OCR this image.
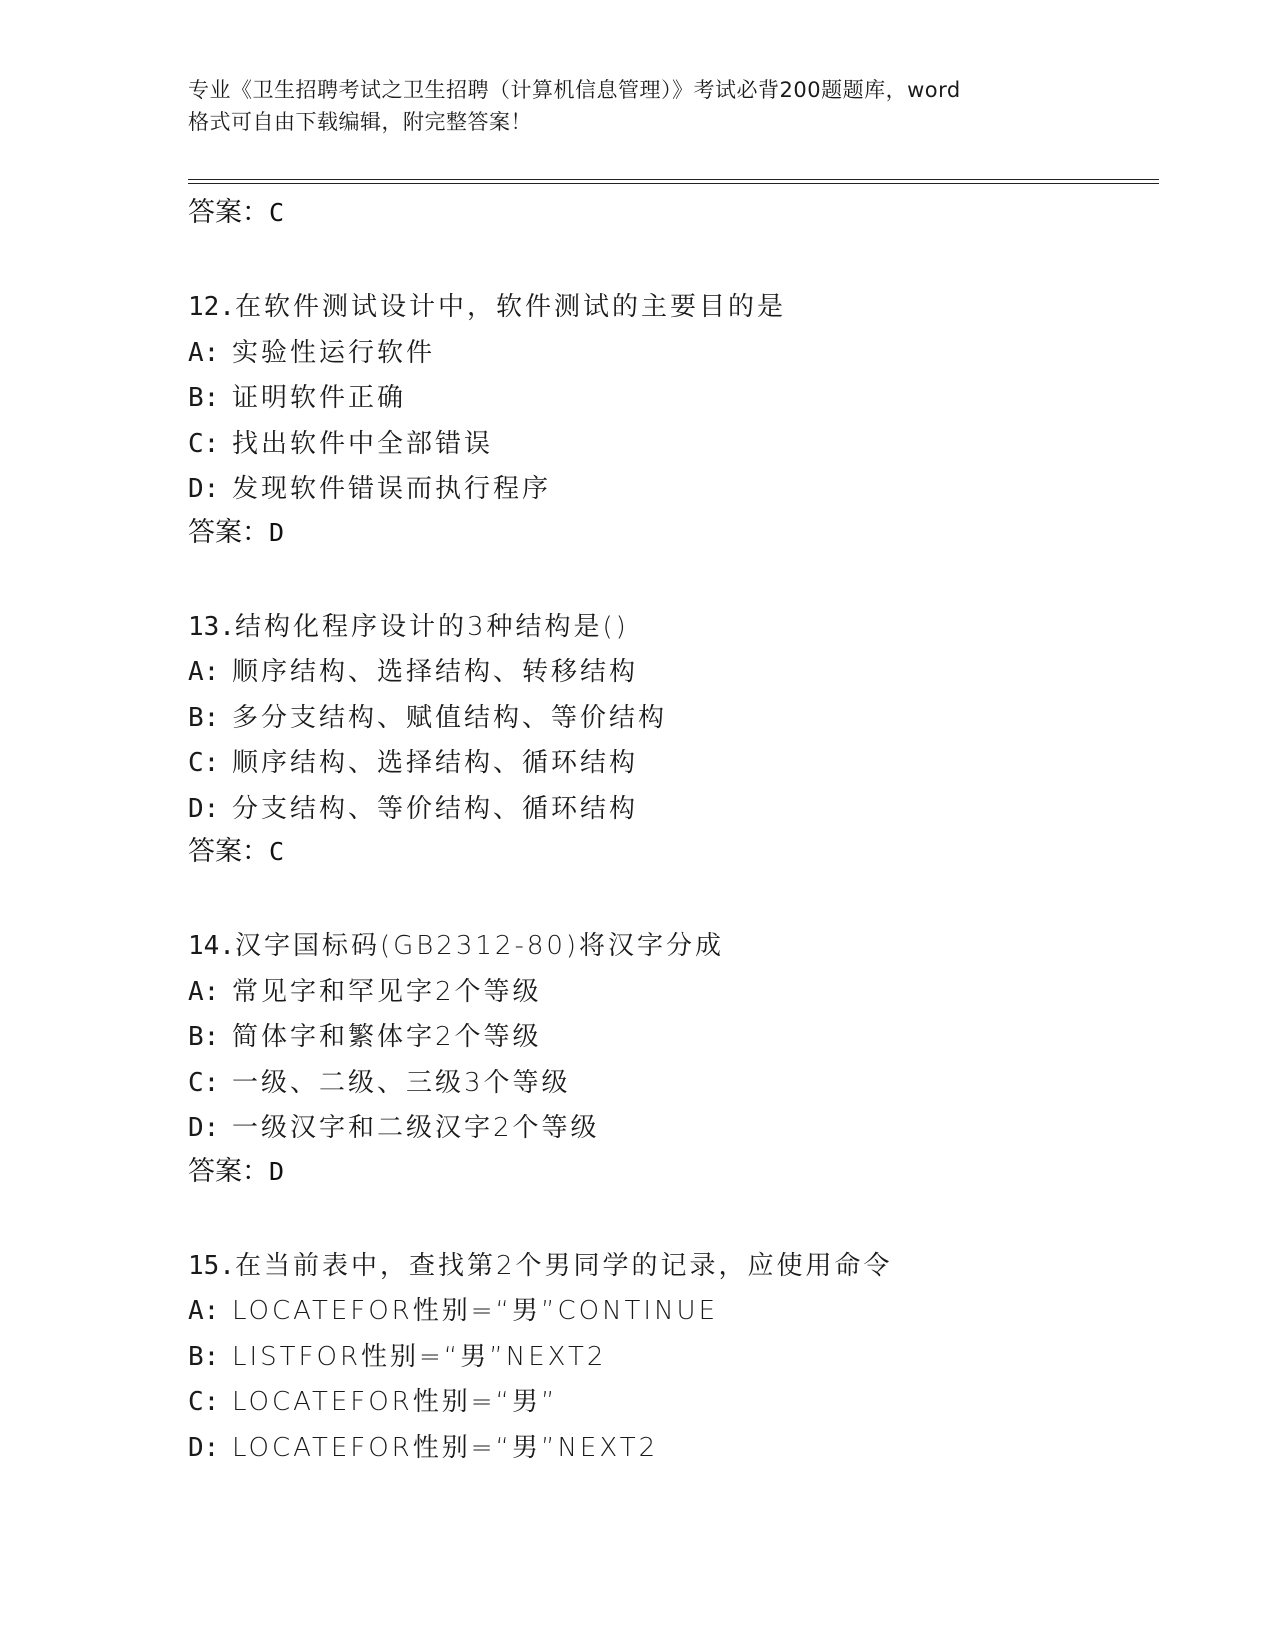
专业《卫生招聘考试之卫生招聘（计算机信息管理）》考试必背200题题库，word
格式可自由下载编辑，附完整答案！
答案：C
12.在软件测试设计中，软件测试的主要目的是
A: 实验性运行软件
B: 证明软件正确
C: 找出软件中全部错误
D: 发现软件错误而执行程序
答案：D
13.结构化程序设计的3种结构是()
A: 顺序结构、选择结构、转移结构
B: 多分支结构、赋值结构、等价结构
C: 顺序结构、选择结构、循环结构
D: 分支结构、等价结构、循环结构
答案：C
14.汉字国标码(GB2312-80)将汉字分成
A: 常见字和罕见字2个等级
B: 简体字和繁体字2个等级
C: 一级、二级、三级3个等级
D: 一级汉字和二级汉字2个等级
答案：D
15.在当前表中，查找第2个男同学的记录，应使用命令
A: LOCATEFOR性别=“男”CONTINUE
B: LISTFOR性别=“男”NEXT2
C: LOCATEFOR性别=“男”
D: LOCATEFOR性别=“男”NEXT2
